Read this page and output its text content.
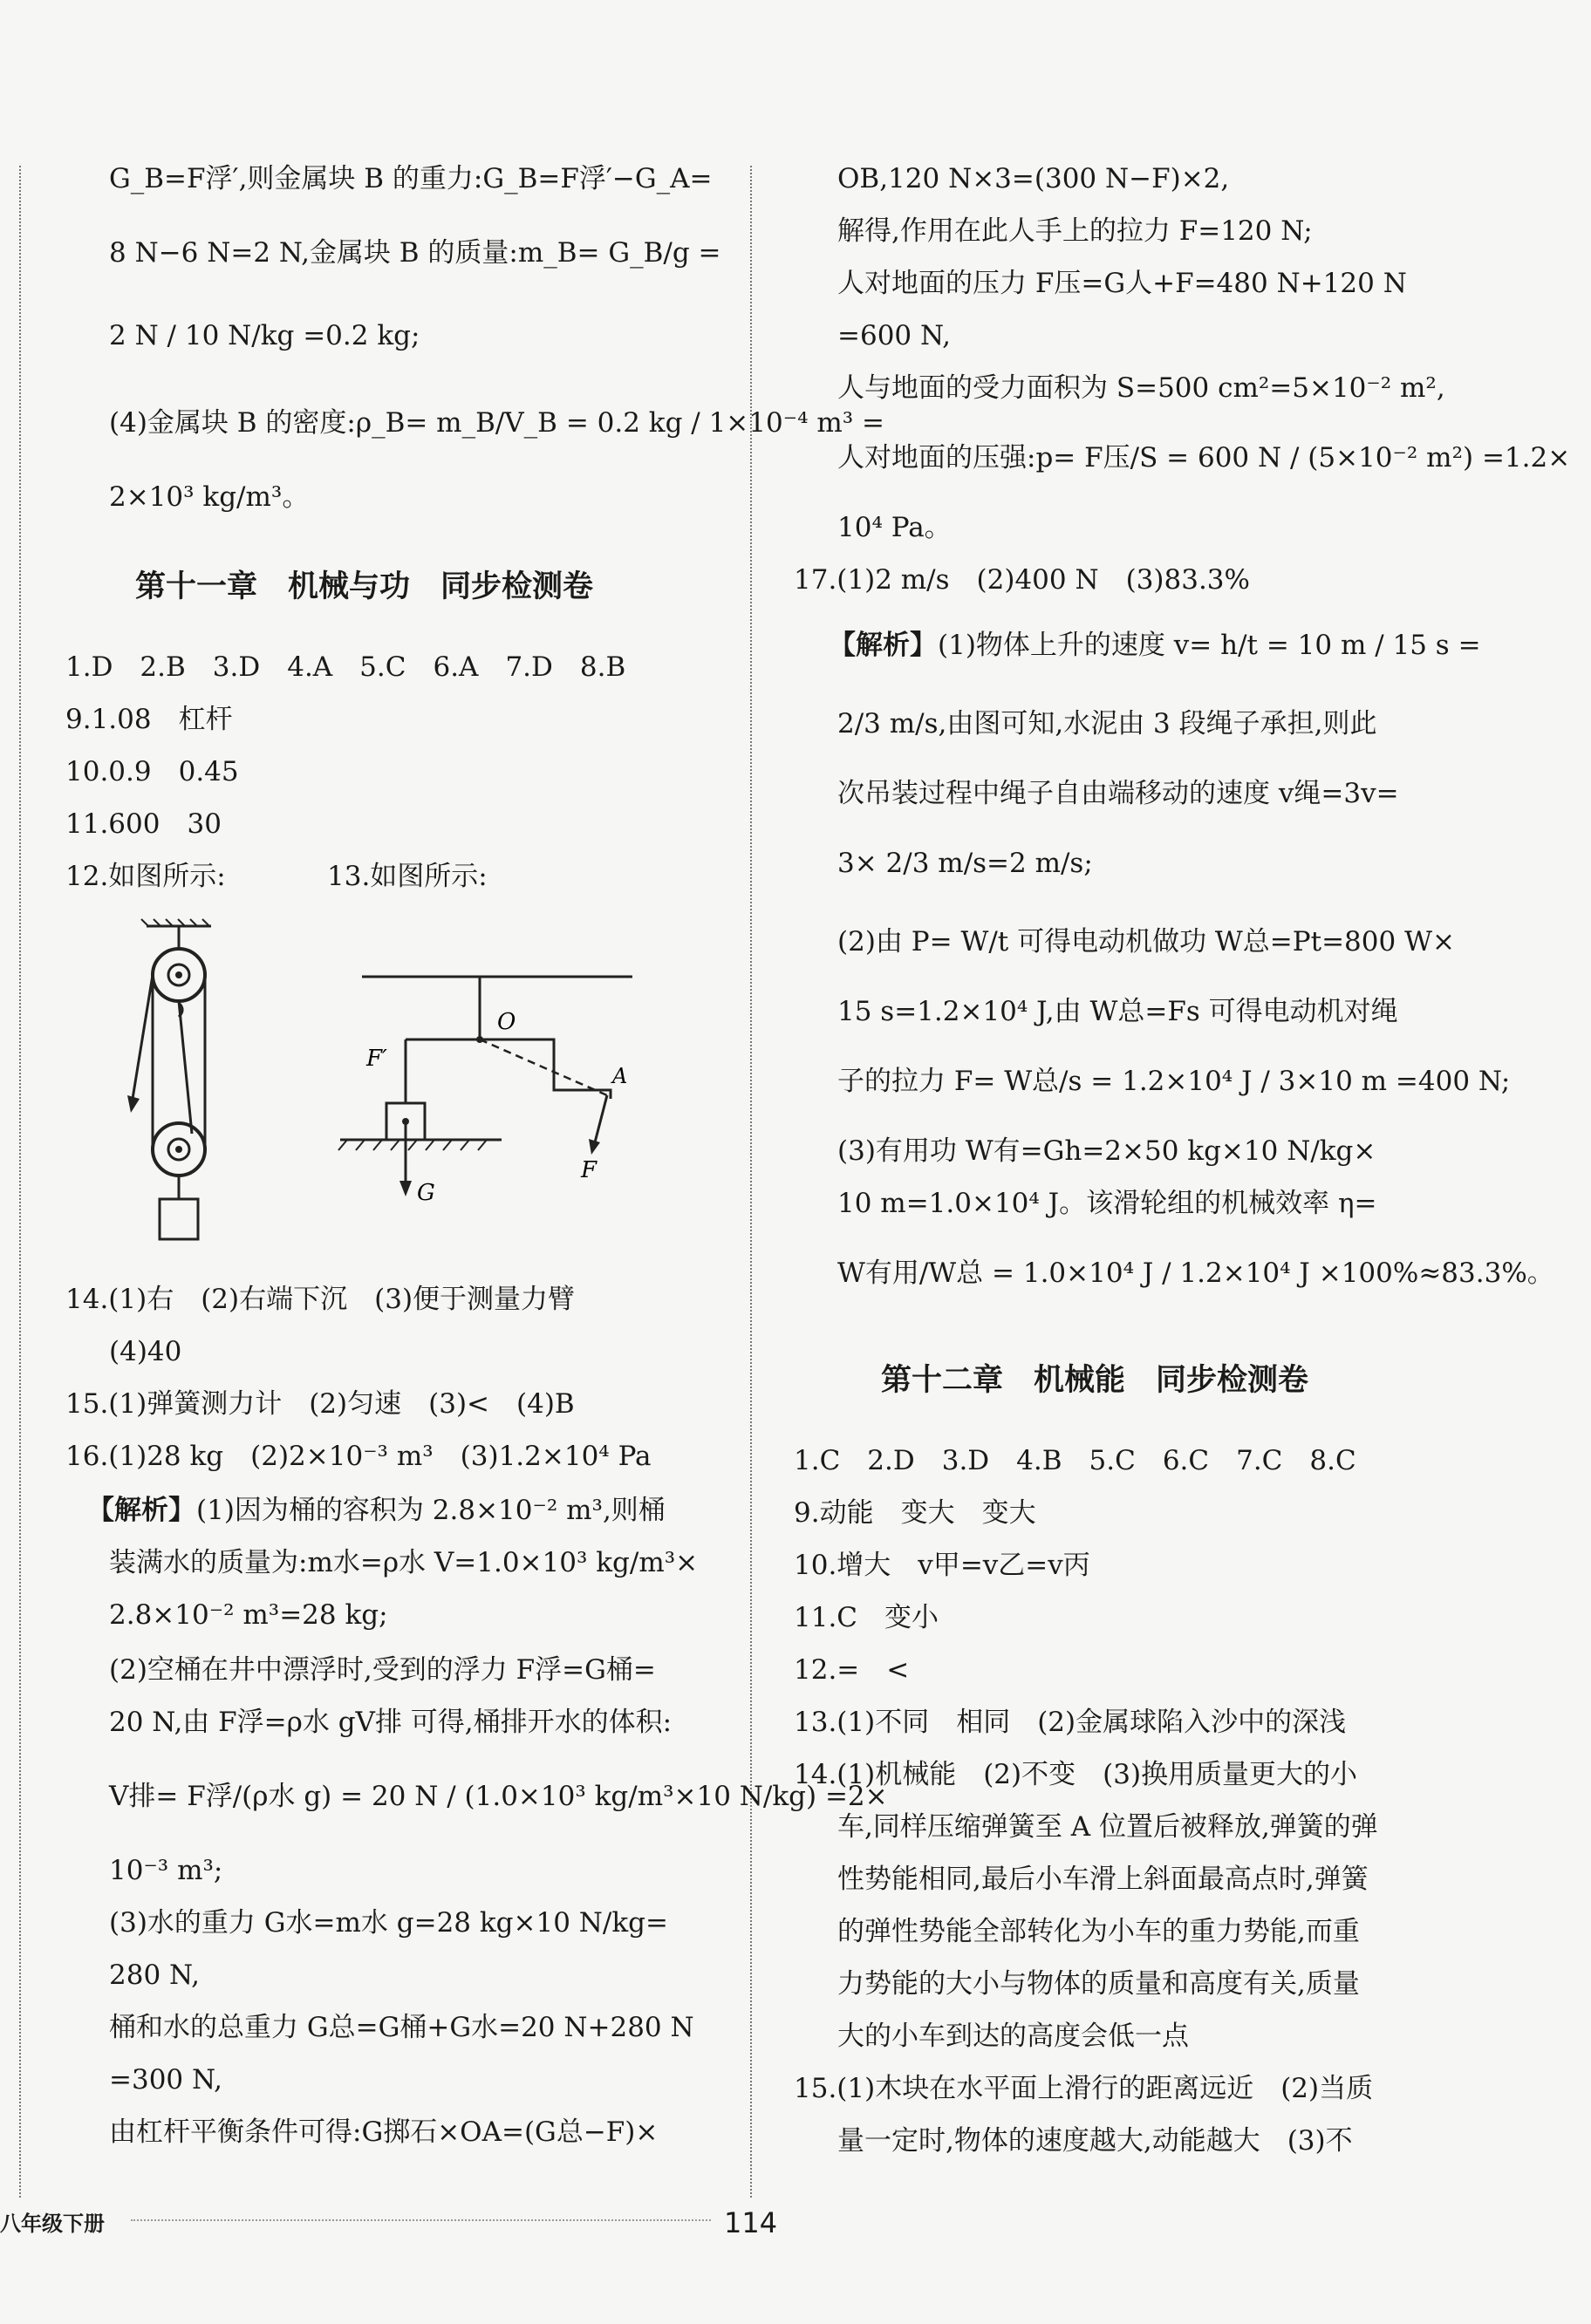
G_B=F浮′,则金属块 B 的重力:G_B=F浮′−G_A=
8 N−6 N=2 N,金属块 B 的质量:m_B= G_B/g =
2 N / 10 N/kg =0.2 kg;
(4)金属块 B 的密度:ρ_B= m_B/V_B = 0.2 kg / 1×10⁻⁴ m³ =
2×10³ kg/m³。
第十一章　机械与功　同步检测卷
1.D　2.B　3.D　4.A　5.C　6.A　7.D　8.B
9.1.08　杠杆
10.0.9　0.45
11.600　30
12.如图所示:	13.如图所示:
O
F′
A
G
F
14.(1)右　(2)右端下沉　(3)便于测量力臂
(4)40
15.(1)弹簧测力计　(2)匀速　(3)<　(4)B
16.(1)28 kg　(2)2×10⁻³ m³　(3)1.2×10⁴ Pa
【解析】 (1)因为桶的容积为 2.8×10⁻² m³,则桶
装满水的质量为:m水=ρ水 V=1.0×10³ kg/m³×
2.8×10⁻² m³=28 kg;
(2)空桶在井中漂浮时,受到的浮力 F浮=G桶=
20 N,由 F浮=ρ水 gV排 可得,桶排开水的体积:
V排= F浮/(ρ水 g) = 20 N / (1.0×10³ kg/m³×10 N/kg) =2×
10⁻³ m³;
(3)水的重力 G水=m水 g=28 kg×10 N/kg=
280 N,
桶和水的总重力 G总=G桶+G水=20 N+280 N
=300 N,
由杠杆平衡条件可得:G掷石×OA=(G总−F)×
OB,120 N×3=(300 N−F)×2,
解得,作用在此人手上的拉力 F=120 N;
人对地面的压力 F压=G人+F=480 N+120 N
=600 N,
人与地面的受力面积为 S=500 cm²=5×10⁻² m²,
人对地面的压强:p= F压/S = 600 N / (5×10⁻² m²) =1.2×
10⁴ Pa。
17.(1)2 m/s　(2)400 N　(3)83.3%
【解析】 (1)物体上升的速度 v= h/t = 10 m / 15 s =
2/3 m/s,由图可知,水泥由 3 段绳子承担,则此
次吊装过程中绳子自由端移动的速度 v绳=3v=
3× 2/3 m/s=2 m/s;
(2)由 P= W/t 可得电动机做功 W总=Pt=800 W×
15 s=1.2×10⁴ J,由 W总=Fs 可得电动机对绳
子的拉力 F= W总/s = 1.2×10⁴ J / 3×10 m =400 N;
(3)有用功 W有=Gh=2×50 kg×10 N/kg×
10 m=1.0×10⁴ J。该滑轮组的机械效率 η=
W有用/W总 = 1.0×10⁴ J / 1.2×10⁴ J ×100%≈83.3%。
第十二章　机械能　同步检测卷
1.C　2.D　3.D　4.B　5.C　6.C　7.C　8.C
9.动能　变大　变大
10.增大　v甲=v乙=v丙
11.C　变小
12.=　<
13.(1)不同　相同　(2)金属球陷入沙中的深浅
14.(1)机械能　(2)不变　(3)换用质量更大的小
车,同样压缩弹簧至 A 位置后被释放,弹簧的弹
性势能相同,最后小车滑上斜面最高点时,弹簧
的弹性势能全部转化为小车的重力势能,而重
力势能的大小与物体的质量和高度有关,质量
大的小车到达的高度会低一点
15.(1)木块在水平面上滑行的距离远近　(2)当质
量一定时,物体的速度越大,动能越大　(3)不
八年级下册	114
